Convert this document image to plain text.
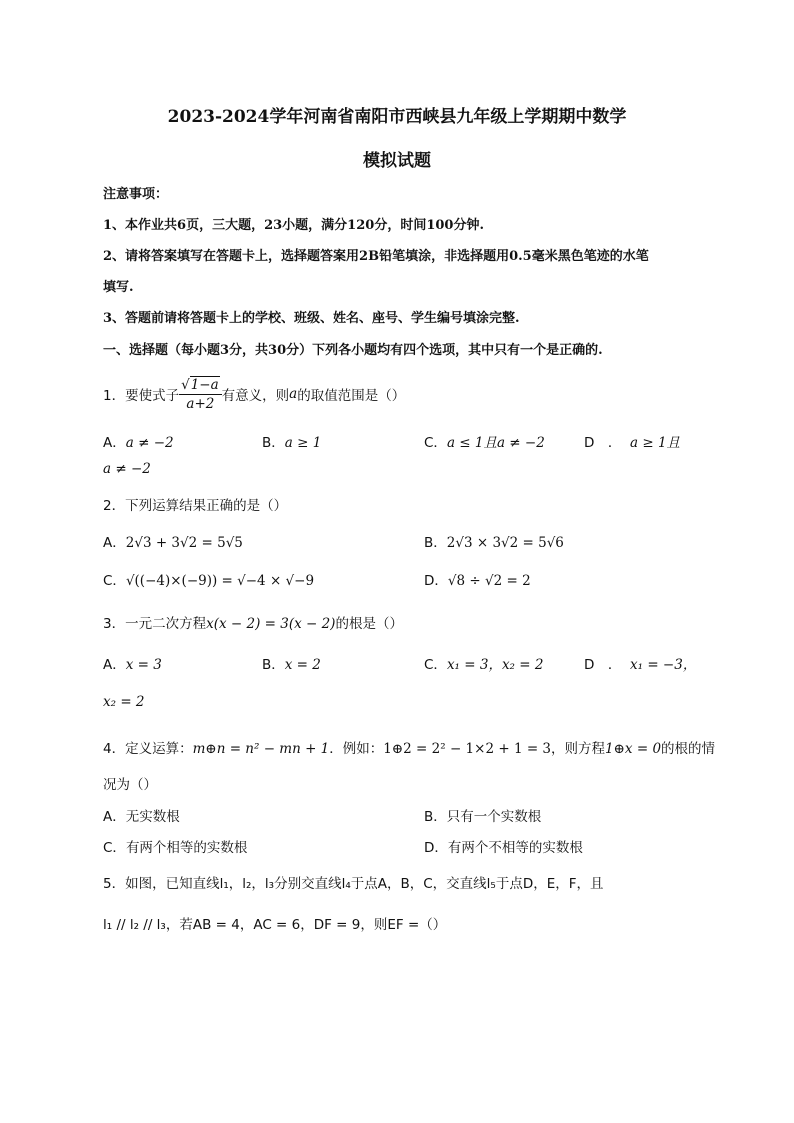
2023-2024学年河南省南阳市西峡县九年级上学期期中数学
模拟试题
注意事项：
1、本作业共6页，三大题，23小题，满分120分，时间100分钟.
2、请将答案填写在答题卡上，选择题答案用2B铅笔填涂，非选择题用0.5毫米黑色笔迹的水笔
填写.
3、答题前请将答题卡上的学校、班级、姓名、座号、学生编号填涂完整.
一、选择题（每小题3分，共30分）下列各小题均有四个选项，其中只有一个是正确的.
1．要使式子 $\frac{√1-a}{a+2}$ 有意义，则 a 的取值范围是（）
A．a ≠ −2	B．a ≥ 1	C．a ≤ 1且a ≠ −2	D　． a ≥ 1且
a ≠ −2
2．下列运算结果正确的是（）
A．2√3 + 3√2 = 5√5	B．2√3 × 3√2 = 5√6
C．√((−4)×(−9)) = √−4 × √−9	D．√8 ÷ √2 = 2
3．一元二次方程x(x − 2) = 3(x − 2)的根是（）
A．x = 3	B．x = 2	C．x₁ = 3，x₂ = 2	D　． x₁ = −3，
x₂ = 2
4．定义运算：m⊕n = n² − mn + 1．例如：1⊕2 = 2² − 1×2 + 1 = 3，则方程1⊕x = 0的根的情
况为（）
A．无实数根	B．只有一个实数根
C．有两个相等的实数根	D．有两个不相等的实数根
5．如图，已知直线l₁，l₂，l₃分别交直线l₄于点A，B，C，交直线l₅于点D，E，F，且
l₁ // l₂ // l₃，若AB = 4，AC = 6，DF = 9，则EF =（）
